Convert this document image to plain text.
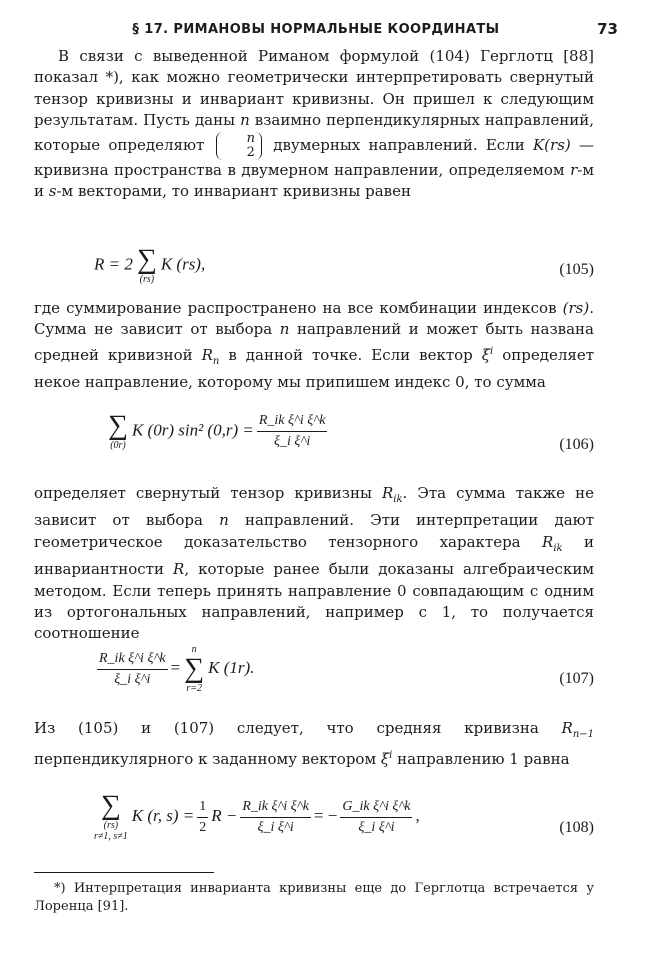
§ 17. РИМАНОВЫ НОРМАЛЬНЫЕ КООРДИНАТЫ	73
В связи с выведенной Риманом формулой (104) Герглотц [88] показал *), как можно геометрически интерпретировать свернутый тензор кривизны и инвариант кривизны. Он пришел к следующим результатам. Пусть даны n взаимно перпендикулярных направлений, которые определяют	n
2 двумерных направлений. Если K(rs) — кривизна пространства в двумерном направлении, определяемом r-м и s-м векторами, то инвариант кривизны равен
R = 2 ∑
(rs)
K (rs),	(105)
где суммирование распространено на все комбинации индексов (rs). Сумма не зависит от выбора n направлений и может быть названа средней кривизной $R_n$ в данной точке. Если вектор $\xi^i$ определяет некое направление, которому мы припишем индекс 0, то сумма
∑
(0r)
K (0r) sin² $(0,r) = \frac{\text{R\_ik ξ\textasciicircum{}i ξ\textasciicircum{}k}}{\text{ξ\_i ξ\textasciicircum{}i}}$	(106)
определяет свернутый тензор кривизны $R_{ik}$. Эта сумма также не зависит от выбора n направлений. Эти интерпретации дают геометрическое доказательство тензорного характера $R_{ik}$ и инвариантности R, которые ранее были доказаны алгебраическим методом. Если теперь принять направление 0 совпадающим с одним из ортогональных направлений, например с 1, то получается соотношение
$\frac{\text{R\_ik ξ\textasciicircum{}i ξ\textasciicircum{}k}}{\text{ξ\_i ξ\textasciicircum{}i}}$ =
n
∑
r=2
K (1r).
(107)
Из (105) и (107) следует, что средняя кривизна $R_{n-1}$ перпендикулярного к заданному вектором $\xi^i$ направлению 1 равна
∑
(rs)
r≠1, s≠1
K (r, $s) = \frac{1}{2}$ $R - \frac{\text{R\_ik ξ\textasciicircum{}i ξ\textasciicircum{}k}}{\text{ξ\_i ξ\textasciicircum{}i}}$ = − $\frac{\text{G\_ik ξ\textasciicircum{}i ξ\textasciicircum{}k}}{\text{ξ\_i ξ\textasciicircum{}i}}$ ,
(108)
*) Интерпретация инварианта кривизны еще до Герглотца встречается у Лоренца [91].
